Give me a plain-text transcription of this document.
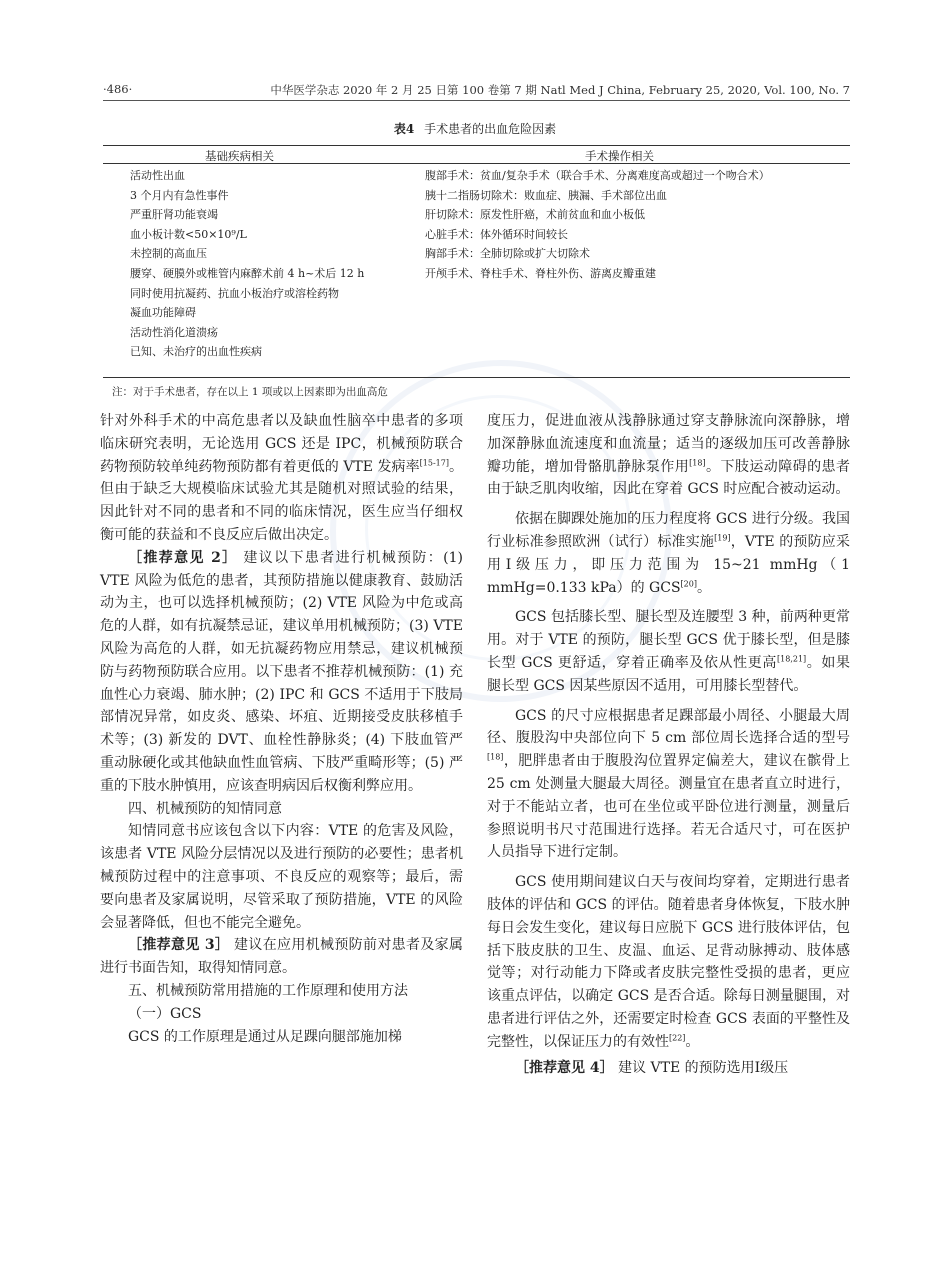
·486·	中华医学杂志 2020 年 2 月 25 日第 100 卷第 7 期 Natl Med J China, February 25, 2020, Vol. 100, No. 7
表4 手术患者的出血危险因素
基础疾病相关	手术操作相关
活动性出血
3 个月内有急性事件
严重肝肾功能衰竭
血小板计数<50×10⁹/L
未控制的高血压
腰穿、硬膜外或椎管内麻醉术前 4 h~术后 12 h
同时使用抗凝药、抗血小板治疗或溶栓药物
凝血功能障碍
活动性消化道溃疡
已知、未治疗的出血性疾病
腹部手术：贫血/复杂手术（联合手术、分离难度高或超过一个吻合术）
胰十二指肠切除术：败血症、胰漏、手术部位出血
肝切除术：原发性肝癌，术前贫血和血小板低
心脏手术：体外循环时间较长
胸部手术：全肺切除或扩大切除术
开颅手术、脊柱手术、脊柱外伤、游离皮瓣重建
注：对于手术患者，存在以上 1 项或以上因素即为出血高危

针对外科手术的中高危患者以及缺血性脑卒中患者的多项临床研究表明，无论选用 GCS 还是 IPC，机械预防联合药物预防较单纯药物预防都有着更低的 VTE 发病率[15-17]。但由于缺乏大规模临床试验尤其是随机对照试验的结果，因此针对不同的患者和不同的临床情况，医生应当仔细权衡可能的获益和不良反应后做出决定。

［推荐意见 2］ 建议以下患者进行机械预防：(1) VTE 风险为低危的患者，其预防措施以健康教育、鼓励活动为主，也可以选择机械预防；(2) VTE 风险为中危或高危的人群，如有抗凝禁忌证，建议单用机械预防；(3) VTE 风险为高危的人群，如无抗凝药物应用禁忌，建议机械预防与药物预防联合应用。以下患者不推荐机械预防：(1) 充血性心力衰竭、肺水肿；(2) IPC 和 GCS 不适用于下肢局部情况异常，如皮炎、感染、坏疽、近期接受皮肤移植手术等；(3) 新发的 DVT、血栓性静脉炎；(4) 下肢血管严重动脉硬化或其他缺血性血管病、下肢严重畸形等；(5) 严重的下肢水肿慎用，应该查明病因后权衡利弊应用。

四、机械预防的知情同意

知情同意书应该包含以下内容：VTE 的危害及风险，该患者 VTE 风险分层情况以及进行预防的必要性；患者机械预防过程中的注意事项、不良反应的观察等；最后，需要向患者及家属说明，尽管采取了预防措施，VTE 的风险会显著降低，但也不能完全避免。

［推荐意见 3］ 建议在应用机械预防前对患者及家属进行书面告知，取得知情同意。

五、机械预防常用措施的工作原理和使用方法

（一）GCS

GCS 的工作原理是通过从足踝向腿部施加梯

度压力，促进血液从浅静脉通过穿支静脉流向深静脉，增加深静脉血流速度和血流量；适当的逐级加压可改善静脉瓣功能，增加骨骼肌静脉泵作用[18]。下肢运动障碍的患者由于缺乏肌肉收缩，因此在穿着 GCS 时应配合被动运动。

依据在脚踝处施加的压力程度将 GCS 进行分级。我国行业标准参照欧洲（试行）标准实施[19]，VTE 的预防应采用Ⅰ级压力，即压力范围为 15~21 mmHg（1 mmHg=0.133 kPa）的 GCS[20]。

GCS 包括膝长型、腿长型及连腰型 3 种，前两种更常用。对于 VTE 的预防，腿长型 GCS 优于膝长型，但是膝长型 GCS 更舒适，穿着正确率及依从性更高[18,21]。如果腿长型 GCS 因某些原因不适用，可用膝长型替代。

GCS 的尺寸应根据患者足踝部最小周径、小腿最大周径、腹股沟中央部位向下 5 cm 部位周长选择合适的型号[18]，肥胖患者由于腹股沟位置界定偏差大，建议在髌骨上 25 cm 处测量大腿最大周径。测量宜在患者直立时进行，对于不能站立者，也可在坐位或平卧位进行测量，测量后参照说明书尺寸范围进行选择。若无合适尺寸，可在医护人员指导下进行定制。

GCS 使用期间建议白天与夜间均穿着，定期进行患者肢体的评估和 GCS 的评估。随着患者身体恢复，下肢水肿每日会发生变化，建议每日应脱下 GCS 进行肢体评估，包括下肢皮肤的卫生、皮温、血运、足背动脉搏动、肢体感觉等；对行动能力下降或者皮肤完整性受损的患者，更应该重点评估，以确定 GCS 是否合适。除每日测量腿围，对患者进行评估之外，还需要定时检查 GCS 表面的平整性及完整性，以保证压力的有效性[22]。

［推荐意见 4］ 建议 VTE 的预防选用Ⅰ级压
